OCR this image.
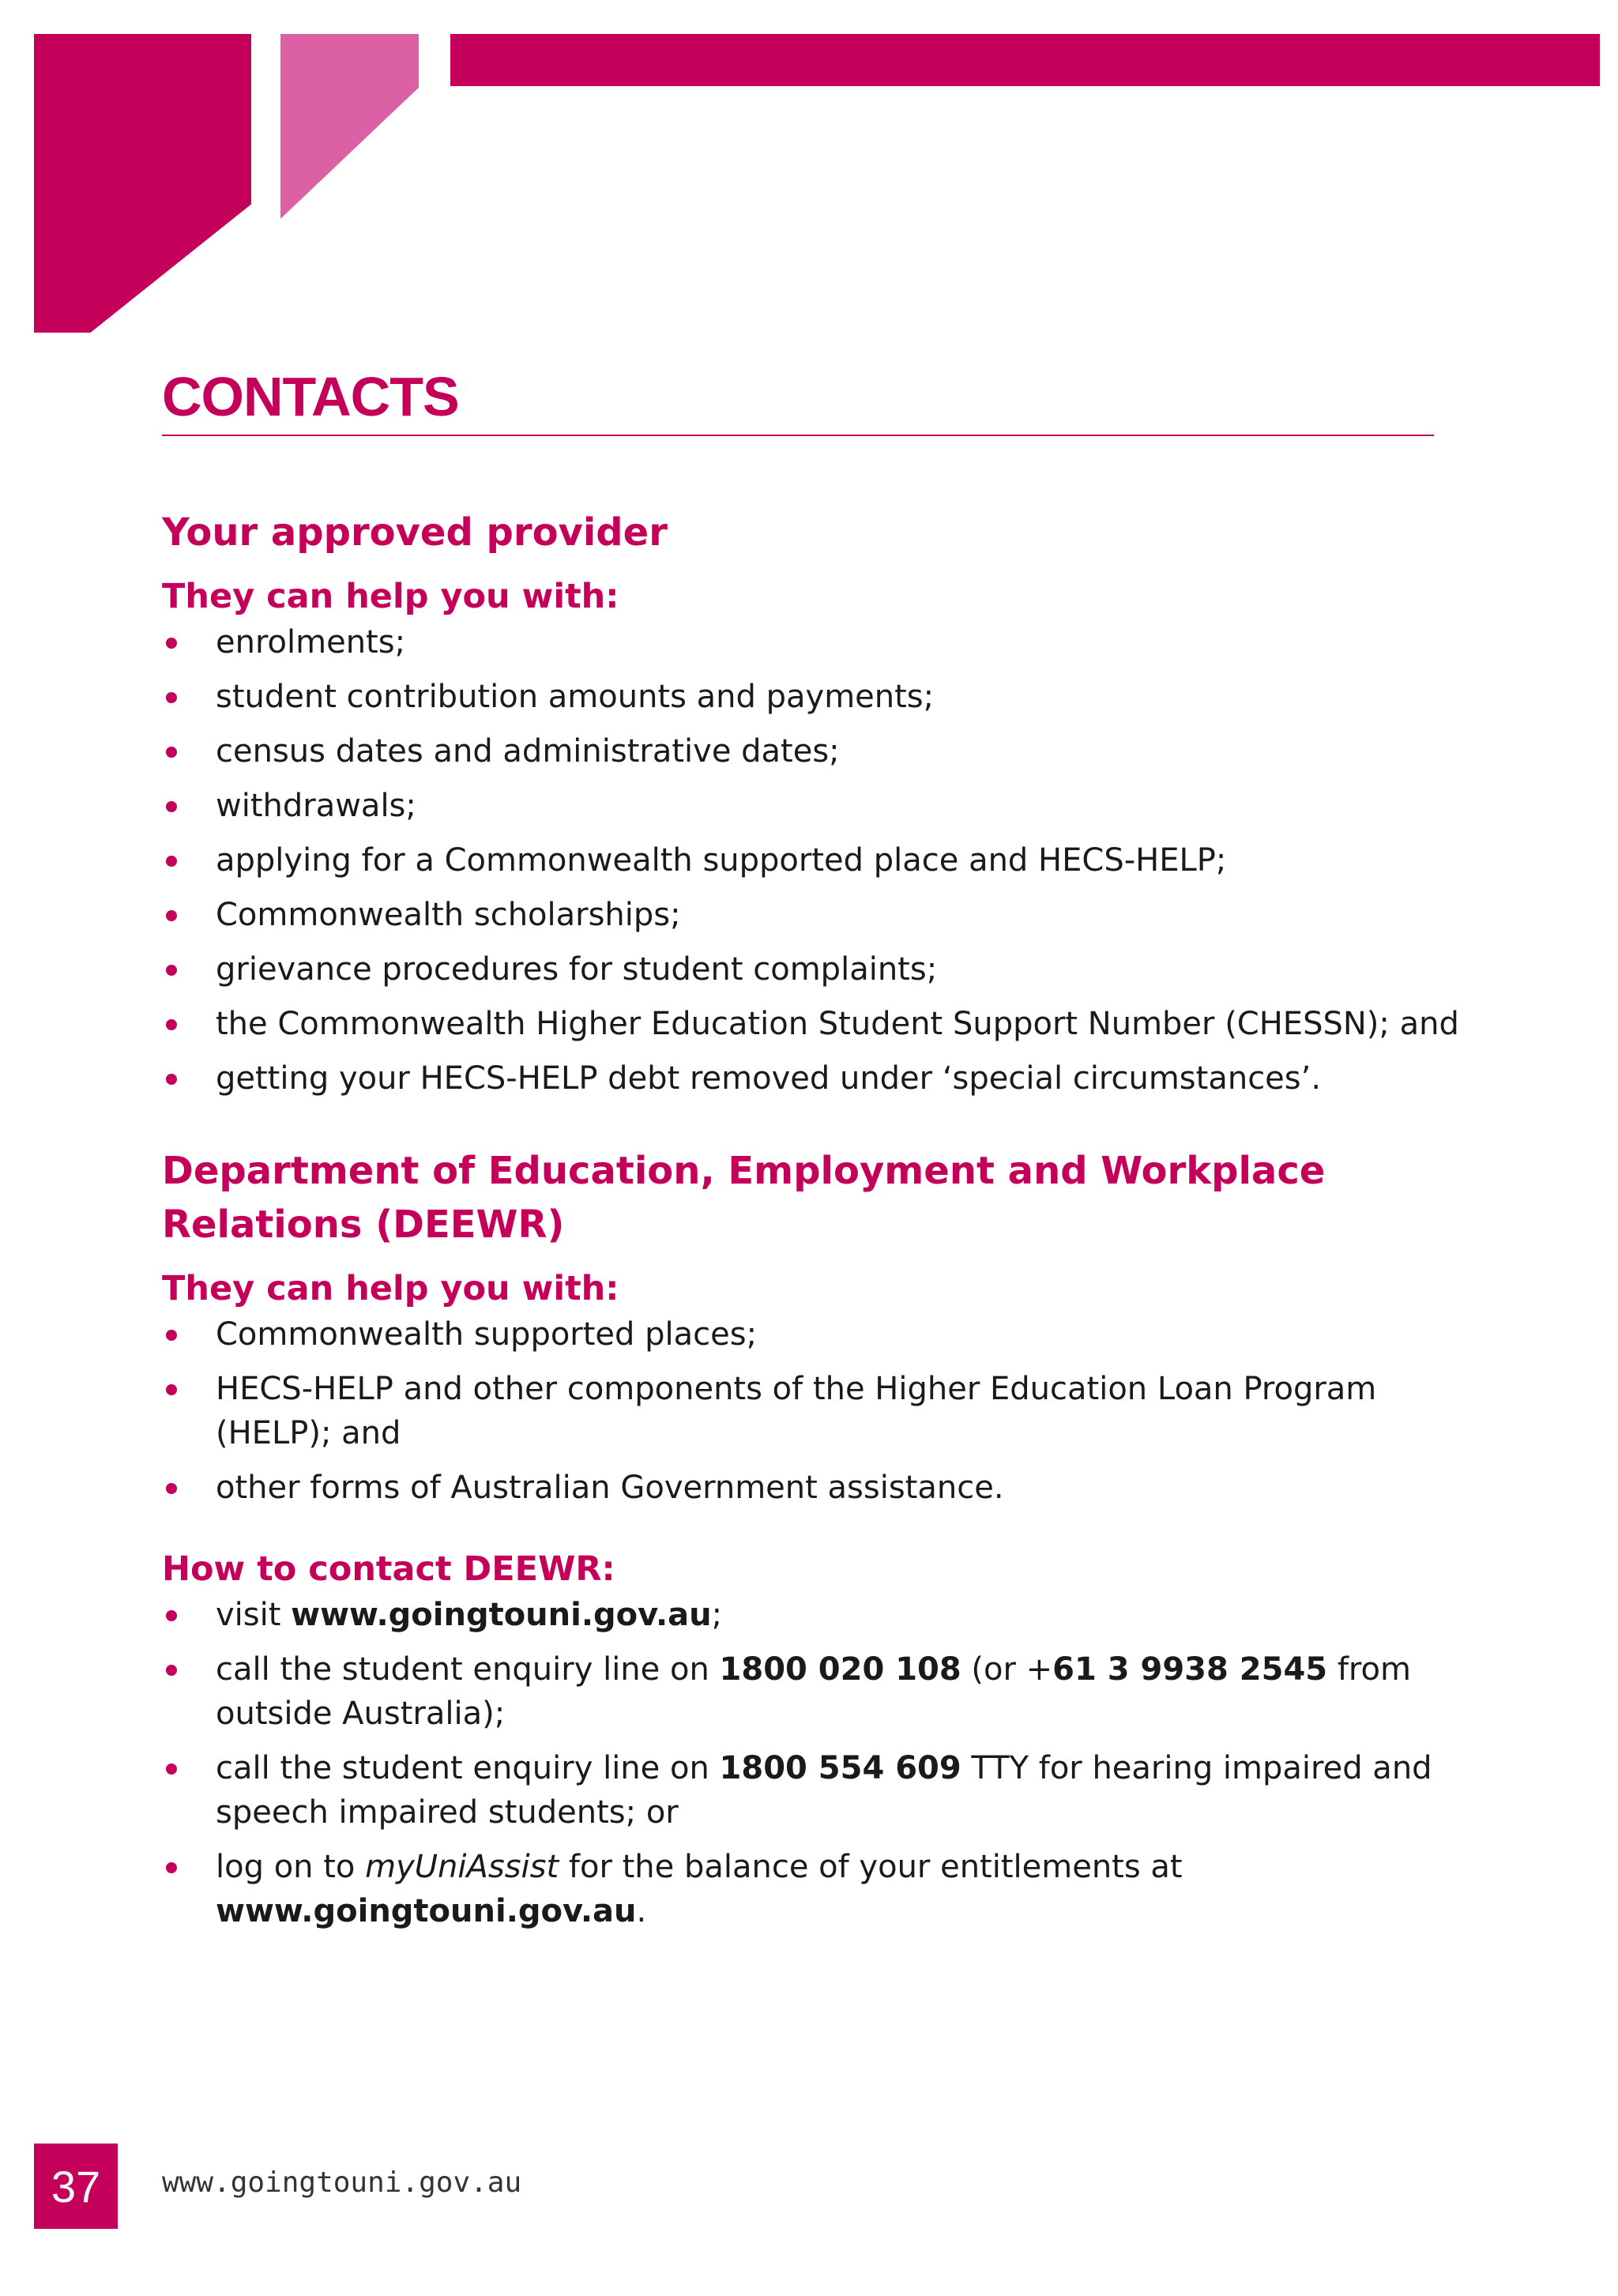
CONTACTS
Your approved provider
They can help you with:
enrolments;
student contribution amounts and payments;
census dates and administrative dates;
withdrawals;
applying for a Commonwealth supported place and HECS-HELP;
Commonwealth scholarships;
grievance procedures for student complaints;
the Commonwealth Higher Education Student Support Number (CHESSN); and
getting your HECS-HELP debt removed under ‘special circumstances’.
Department of Education, Employment and Workplace
Relations (DEEWR)
They can help you with:
Commonwealth supported places;
HECS-HELP and other components of the Higher Education Loan Program (HELP); and
other forms of Australian Government assistance.
How to contact DEEWR:
visit www.goingtouni.gov.au;
call the student enquiry line on 1800 020 108 (or +61 3 9938 2545 from outside Australia);
call the student enquiry line on 1800 554 609 TTY for hearing impaired and speech impaired students; or
log on to myUniAssist for the balance of your entitlements at www.goingtouni.gov.au.
37	www.goingtouni.gov.au
